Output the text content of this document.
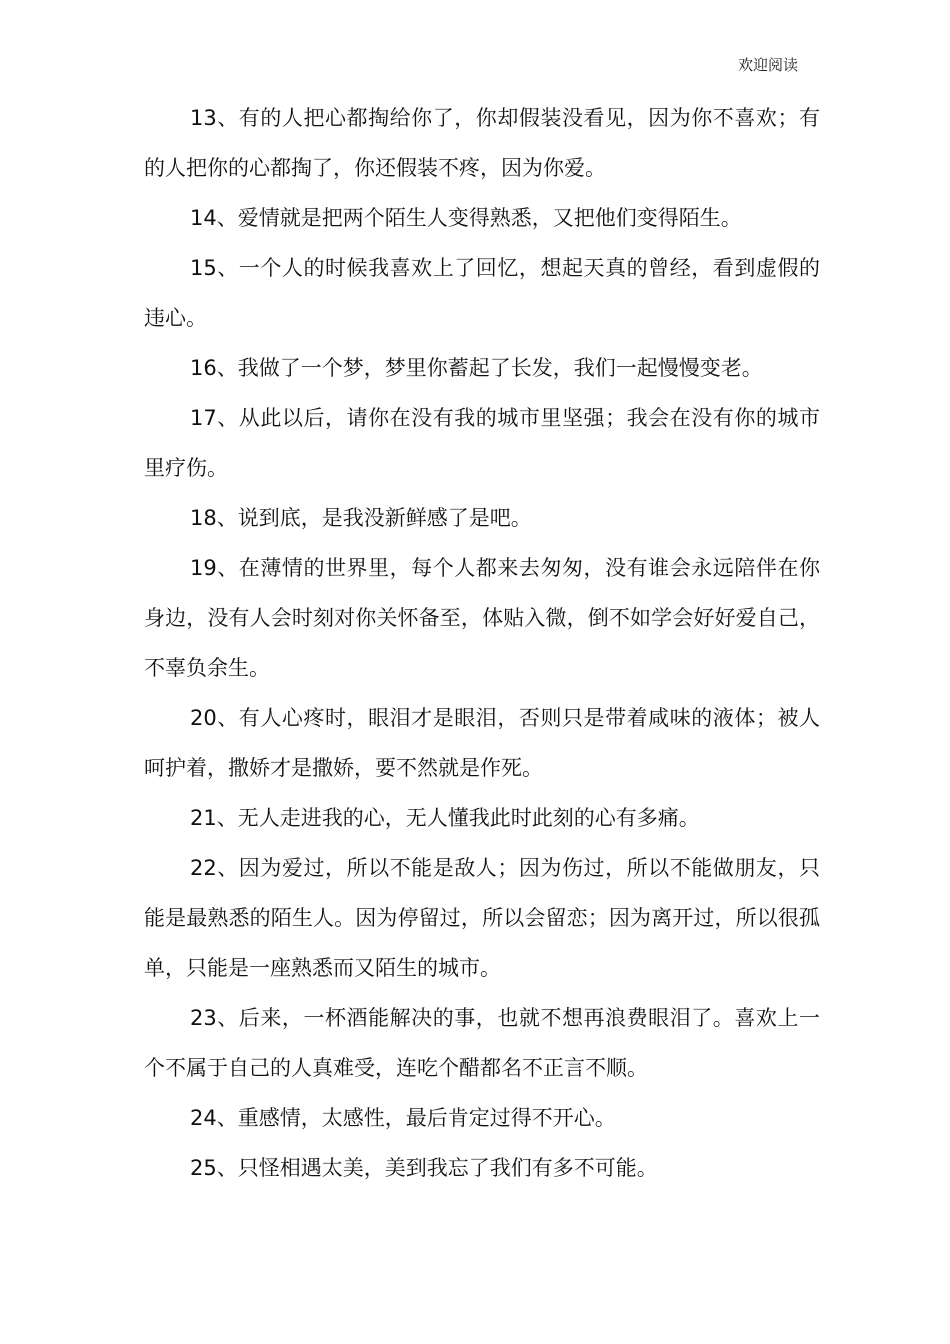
欢迎阅读

13、有的人把心都掏给你了，你却假装没看见，因为你不喜欢；有的人把你的心都掏了，你还假装不疼，因为你爱。

14、爱情就是把两个陌生人变得熟悉，又把他们变得陌生。

15、一个人的时候我喜欢上了回忆，想起天真的曾经，看到虚假的违心。

16、我做了一个梦，梦里你蓄起了长发，我们一起慢慢变老。

17、从此以后，请你在没有我的城市里坚强；我会在没有你的城市里疗伤。

18、说到底，是我没新鲜感了是吧。

19、在薄情的世界里，每个人都来去匆匆，没有谁会永远陪伴在你身边，没有人会时刻对你关怀备至，体贴入微，倒不如学会好好爱自己，不辜负余生。

20、有人心疼时，眼泪才是眼泪，否则只是带着咸味的液体；被人呵护着，撒娇才是撒娇，要不然就是作死。

21、无人走进我的心，无人懂我此时此刻的心有多痛。

22、因为爱过，所以不能是敌人；因为伤过，所以不能做朋友，只能是最熟悉的陌生人。因为停留过，所以会留恋；因为离开过，所以很孤单，只能是一座熟悉而又陌生的城市。

23、后来，一杯酒能解决的事，也就不想再浪费眼泪了。喜欢上一个不属于自己的人真难受，连吃个醋都名不正言不顺。

24、重感情，太感性，最后肯定过得不开心。

25、只怪相遇太美，美到我忘了我们有多不可能。
